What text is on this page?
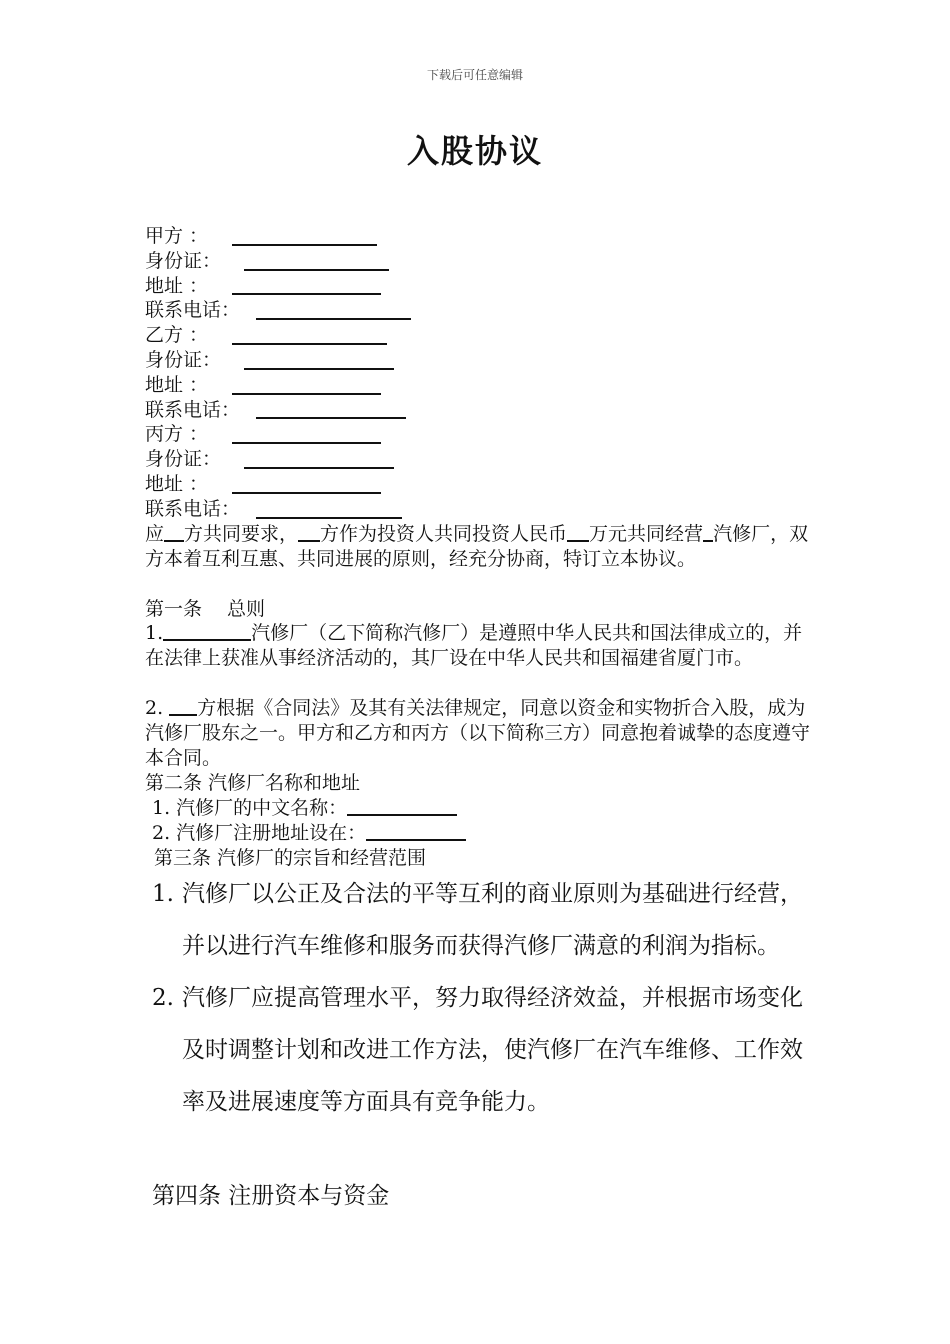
下载后可任意编辑
入股协议
甲方 ：
身份证：
地址 ：
联系电话：
乙方 ：
身份证：
地址 ：
联系电话：
丙方 ：
身份证：
地址 ：
联系电话：
应 方共同要求， 方作为投资人共同投资人民币 万元共同经营 汽修厂，双方本着互利互惠、共同进展的原则，经充分协商，特订立本协议。
第一条　 总则
1.	汽修厂（乙下简称汽修厂）是遵照中华人民共和国法律成立的，并在法律上获准从事经济活动的，其厂设在中华人民共和国福建省厦门市。
2. 方根据《合同法》及其有关法律规定，同意以资金和实物折合入股，成为汽修厂股东之一。甲方和乙方和丙方（以下简称三方）同意抱着诚挚的态度遵守本合同。
第二条 汽修厂名称和地址
1. 汽修厂的中文名称：
2. 汽修厂注册地址设在：
第三条 汽修厂的宗旨和经营范围
1. 汽修厂以公正及合法的平等互利的商业原则为基础进行经营，并以进行汽车维修和服务而获得汽修厂满意的利润为指标。
2. 汽修厂应提高管理水平，努力取得经济效益，并根据市场变化及时调整计划和改进工作方法，使汽修厂在汽车维修、工作效率及进展速度等方面具有竞争能力。
第四条 注册资本与资金
